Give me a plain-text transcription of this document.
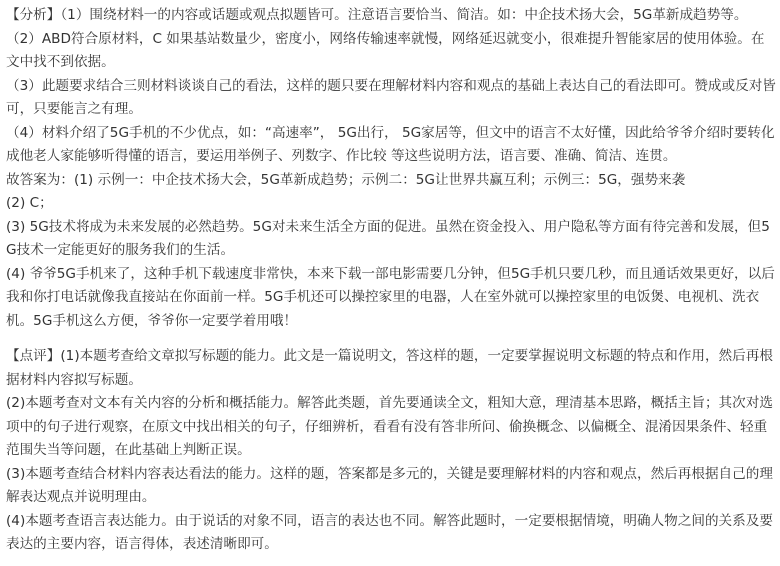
【分析】（1）围绕材料一的内容或话题或观点拟题皆可。注意语言要恰当、简洁。如：中企技术扬大会，5G革新成趋势等。

（2）ABD符合原材料，C 如果基站数量少，密度小，网络传输速率就慢，网络延迟就变小，很难提升智能家居的使用体验。在文中找不到依据。

（3）此题要求结合三则材料谈谈自己的看法，这样的题只要在理解材料内容和观点的基础上表达自己的看法即可。赞成或反对皆可，只要能言之有理。

（4）材料介绍了5G手机的不少优点，如：“高速率”， 5G出行， 5G家居等，但文中的语言不太好懂，因此给爷爷介绍时要转化成他老人家能够听得懂的语言，要运用举例子、列数字、作比较 等这些说明方法，语言要、准确、简洁、连贯。

故答案为：(1) 示例一：中企技术扬大会，5G革新成趋势；示例二：5G让世界共赢互利；示例三：5G，强势来袭

(2) C；

(3) 5G技术将成为未来发展的必然趋势。5G对未来生活全方面的促进。虽然在资金投入、用户隐私等方面有待完善和发展，但5G技术一定能更好的服务我们的生活。

(4) 爷爷5G手机来了，这种手机下载速度非常快，本来下载一部电影需要几分钟，但5G手机只要几秒，而且通话效果更好，以后我和你打电话就像我直接站在你面前一样。5G手机还可以操控家里的电器，人在室外就可以操控家里的电饭煲、电视机、洗衣机。5G手机这么方便，爷爷你一定要学着用哦！

【点评】(1)本题考查给文章拟写标题的能力。此文是一篇说明文，答这样的题，一定要掌握说明文标题的特点和作用，然后再根据材料内容拟写标题。

(2)本题考查对文本有关内容的分析和概括能力。解答此类题，首先要通读全文，粗知大意，理清基本思路，概括主旨；其次对选项中的句子进行观察，在原文中找出相关的句子，仔细辨析，看看有没有答非所问、偷换概念、以偏概全、混淆因果条件、轻重范围失当等问题，在此基础上判断正误。

(3)本题考查结合材料内容表达看法的能力。这样的题，答案都是多元的，关键是要理解材料的内容和观点，然后再根据自己的理解表达观点并说明理由。

(4)本题考查语言表达能力。由于说话的对象不同，语言的表达也不同。解答此题时，一定要根据情境，明确人物之间的关系及要表达的主要内容，语言得体，表述清晰即可。
